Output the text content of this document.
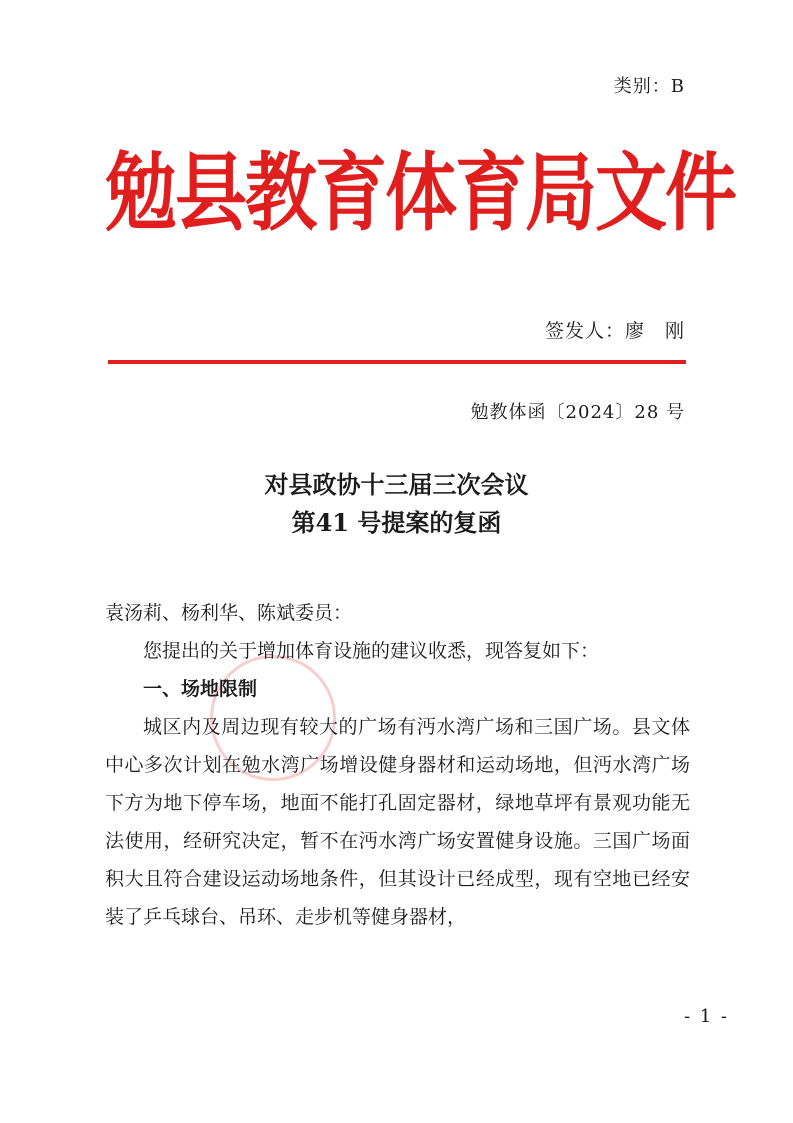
类别：B
勉县教育体育局文件
签发人：廖　刚
勉教体函〔2024〕28 号
对县政协十三届三次会议
第41 号提案的复函

袁汤莉、杨利华、陈斌委员：

您提出的关于增加体育设施的建议收悉，现答复如下：

一、场地限制

城区内及周边现有较大的广场有沔水湾广场和三国广场。县文体中心多次计划在勉水湾广场增设健身器材和运动场地，但沔水湾广场下方为地下停车场，地面不能打孔固定器材，绿地草坪有景观功能无法使用，经研究决定，暂不在沔水湾广场安置健身设施。三国广场面积大且符合建设运动场地条件，但其设计已经成型，现有空地已经安装了乒乓球台、吊环、走步机等健身器材，

- 1 -
